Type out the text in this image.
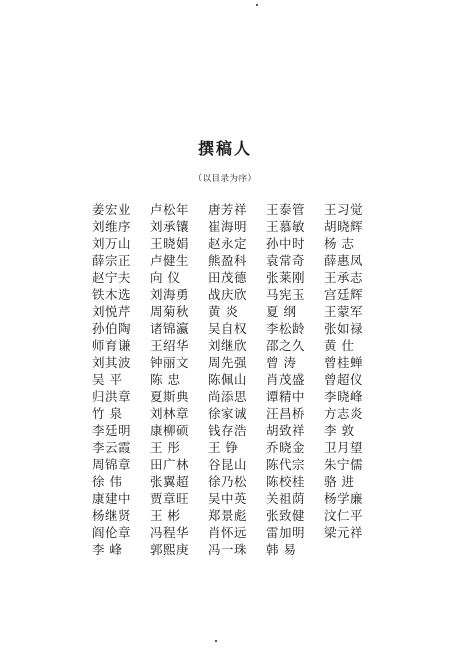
撰稿人
（以目录为序）
姜宏业	卢松年	唐芳祥	王泰管	王习觉
刘维序	刘承镶	崔海明	王慕敏	胡晓辉
刘万山	王晓娟	赵永定	孙中时	杨 志
薛宗正	卢健生	熊盈科	袁常奇	薛惠凤
赵宁夫	向 仪	田茂德	张莱刚	王承志
铁木选	刘海勇	战庆欣	马宪玉	宫廷辉
刘悦芹	周菊秋	黄 炎	夏 纲	王蒙军
孙伯陶	诸锦瀛	吴自权	李松龄	张如禄
师育谦	王绍华	刘继欣	邵之久	黄 仕
刘其波	钟丽文	周先强	曾 涛	曾桂蝉
吴 平	陈 忠	陈佩山	肖茂盛	曾超仪
归洪章	夏斯典	尚添思	谭精中	李晓峰
竹 泉	刘林章	徐家诚	汪昌桥	方志炎
李廷明	康柳硕	钱存浩	胡致祥	李 敦
李云霞	王 彤	王 铮	乔晓金	卫月望
周锦章	田广林	谷昆山	陈代宗	朱宁儒
徐 伟	张翼超	徐乃松	陈校桂	骆 进
康建中	贾章旺	吴中英	关祖荫	杨学廉
杨继贤	王 彬	郑景彪	张致健	汶仁平
阎伦章	冯程华	肖怀远	雷加明	梁元祥
李 峰	郭熙庚	冯一珠	韩 易
